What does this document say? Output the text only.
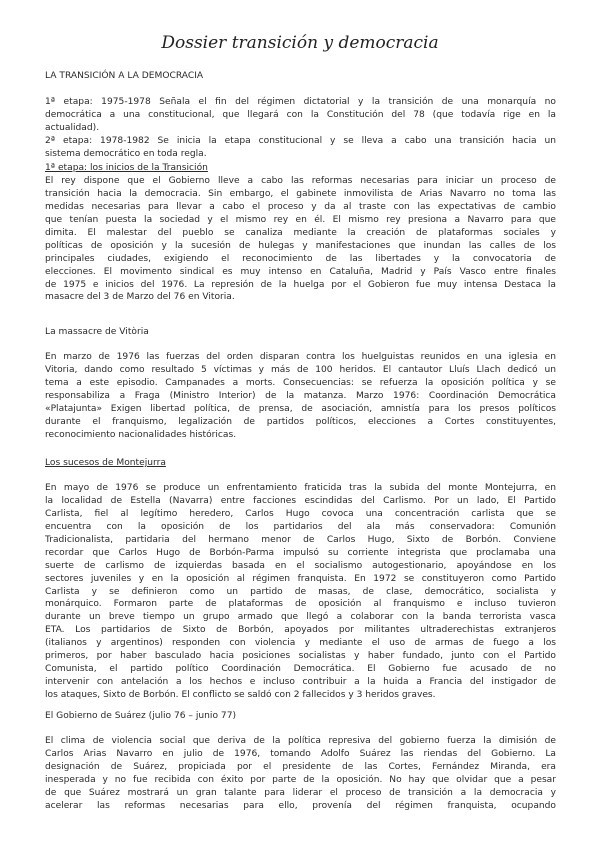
Dossier transición y democracia
LA TRANSICIÓN A LA DEMOCRACIA
1ª etapa: 1975-1978 Señala el fin del régimen dictatorial y la transición de una monarquía no
democrática a una constitucional, que llegará con la Constitución del 78 (que todavía rige en la
actualidad).
2ª etapa: 1978-1982 Se inicia la etapa constitucional y se lleva a cabo una transición hacia un
sistema democrático en toda regla.
1ª etapa: los inicios de la Transición
El rey dispone que el Gobierno lleve a cabo las reformas necesarias para iniciar un proceso de
transición hacia la democracia. Sin embargo, el gabinete inmovilista de Arias Navarro no toma las
medidas necesarias para llevar a cabo el proceso y da al traste con las expectativas de cambio
que tenían puesta la sociedad y el mismo rey en él. El mismo rey presiona a Navarro para que
dimita. El malestar del pueblo se canaliza mediante la creación de plataformas sociales y
políticas de oposición y la sucesión de hulegas y manifestaciones que inundan las calles de los
principales ciudades, exigiendo el reconocimiento de las libertades y la convocatoria de
elecciones. El movimento sindical es muy intenso en Cataluña, Madrid y País Vasco entre finales
de 1975 e inicios del 1976. La represión de la huelga por el Gobieron fue muy intensa Destaca la
masacre del 3 de Marzo del 76 en Vitoria.
La massacre de Vitòria
En marzo de 1976 las fuerzas del orden disparan contra los huelguistas reunidos en una iglesia en
Vitoria, dando como resultado 5 víctimas y más de 100 heridos. El cantautor Lluís Llach dedicó un
tema a este episodio. Campanades a morts. Consecuencias: se refuerza la oposición política y se
responsabiliza a Fraga (Ministro Interior) de la matanza. Marzo 1976: Coordinación Democrática
«Platajunta» Exigen libertad política, de prensa, de asociación, amnistía para los presos políticos
durante el franquismo, legalización de partidos políticos, elecciones a Cortes constituyentes,
reconocimiento nacionalidades históricas.
Los sucesos de Montejurra
En mayo de 1976 se produce un enfrentamiento fraticida tras la subida del monte Montejurra, en
la localidad de Estella (Navarra) entre facciones escindidas del Carlismo. Por un lado, El Partido
Carlista, fiel al legítimo heredero, Carlos Hugo covoca una concentración carlista que se
encuentra con la oposición de los partidarios del ala más conservadora: Comunión
Tradicionalista, partidaria del hermano menor de Carlos Hugo, Sixto de Borbón. Conviene
recordar que Carlos Hugo de Borbón-Parma impulsó su corriente integrista que proclamaba una
suerte de carlismo de izquierdas basada en el socialismo autogestionario, apoyándose en los
sectores juveniles y en la oposición al régimen franquista. En 1972 se constituyeron como Partido
Carlista y se definieron como un partido de masas, de clase, democrático, socialista y
monárquico. Formaron parte de plataformas de oposición al franquismo e incluso tuvieron
durante un breve tiempo un grupo armado que llegó a colaborar con la banda terrorista vasca
ETA. Los partidarios de Sixto de Borbón, apoyados por militantes ultraderechistas extranjeros
(italianos y argentinos) responden con violencia y mediante el uso de armas de fuego a los
primeros, por haber basculado hacia posiciones socialistas y haber fundado, junto con el Partido
Comunista, el partido político Coordinación Democrática. El Gobierno fue acusado de no
intervenir con antelación a los hechos e incluso contribuir a la huida a Francia del instigador de
los ataques, Sixto de Borbón. El conflicto se saldó con 2 fallecidos y 3 heridos graves.
El Gobierno de Suárez (julio 76 – junio 77)
El clima de violencia social que deriva de la política represiva del gobierno fuerza la dimisión de
Carlos Arias Navarro en julio de 1976, tomando Adolfo Suárez las riendas del Gobierno. La
designación de Suárez, propiciada por el presidente de las Cortes, Fernández Miranda, era
inesperada y no fue recibida con éxito por parte de la oposición. No hay que olvidar que a pesar
de que Suárez mostrará un gran talante para liderar el proceso de transición a la democracia y
acelerar las reformas necesarias para ello, provenía del régimen franquista, ocupando
